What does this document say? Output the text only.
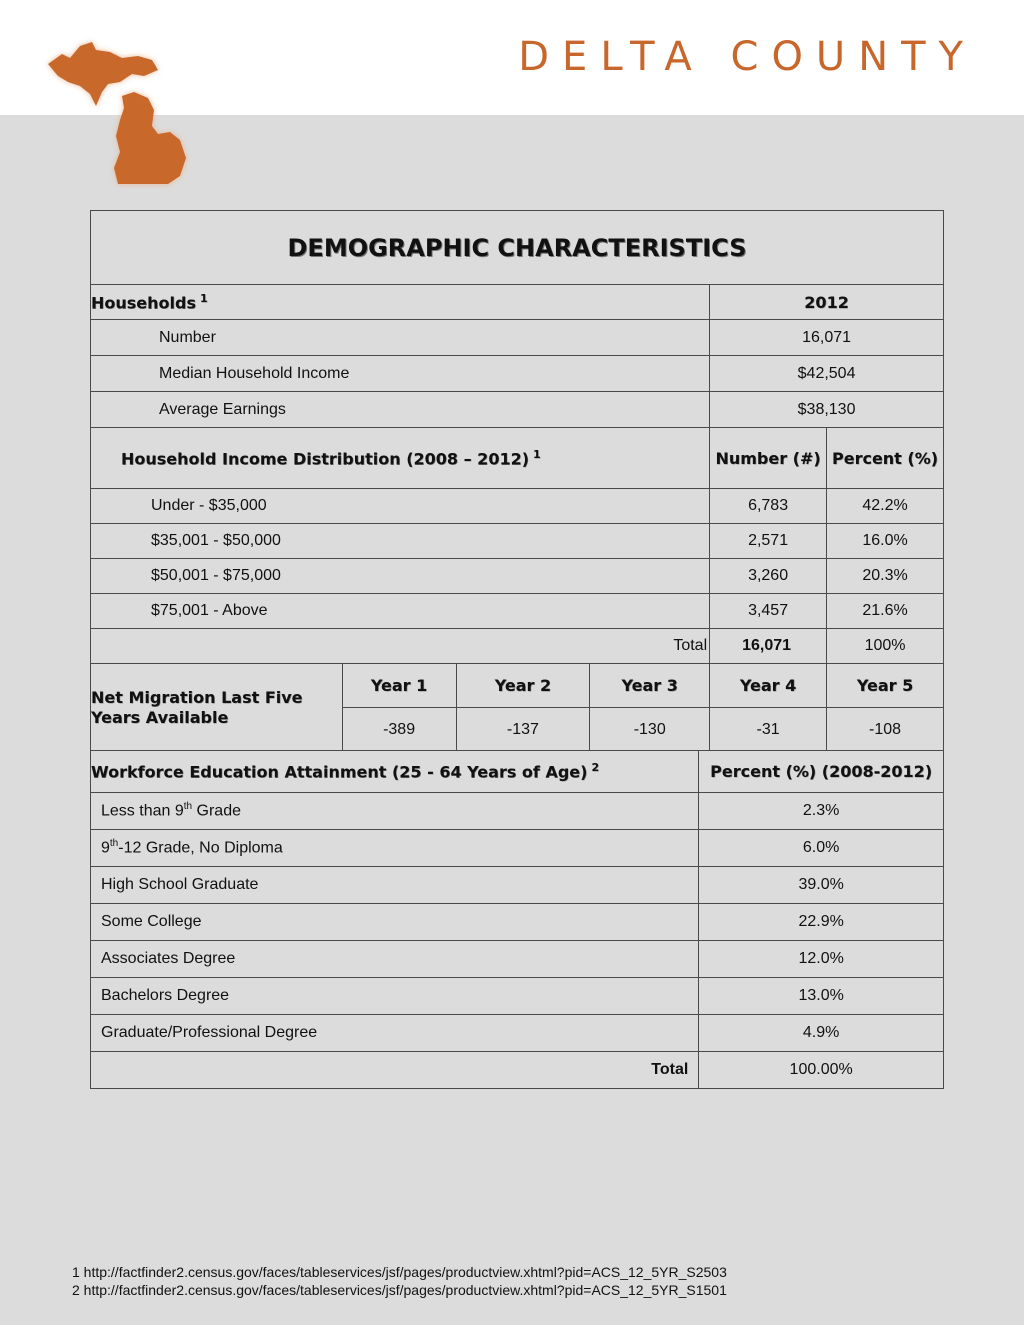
DELTA COUNTY
DEMOGRAPHIC CHARACTERISTICS					
Households $^1$				2012	
Number				16,071	
Median Household Income				$42,504	
Average Earnings				$38,130	
Household Income Distribution (2008 – 2012) $^1$				Number (#)	Percent (%)
Under - $35,000				6,783	42.2%
$35,001 - $50,000				2,571	16.0%
$50,001 - $75,000				3,260	20.3%
$75,001 - Above				3,457	21.6%
Total				16,071	100%
Net Migration Last Five Years Available	Year 1	Year 2	Year 3	Year 4	Year 5
	-389	-137	-130	-31	-108
Workforce Education Attainment (25 - 64 Years of Age) $^2$	Percent (%) (2008-2012)
Less than 9th Grade	2.3%
9th-12 Grade, No Diploma	6.0%
High School Graduate	39.0%
Some College	22.9%
Associates Degree	12.0%
Bachelors Degree	13.0%
Graduate/Professional Degree	4.9%
Total	100.00%
1 http://factfinder2.census.gov/faces/tableservices/jsf/pages/productview.xhtml?pid=ACS_12_5YR_S2503
2 http://factfinder2.census.gov/faces/tableservices/jsf/pages/productview.xhtml?pid=ACS_12_5YR_S1501
